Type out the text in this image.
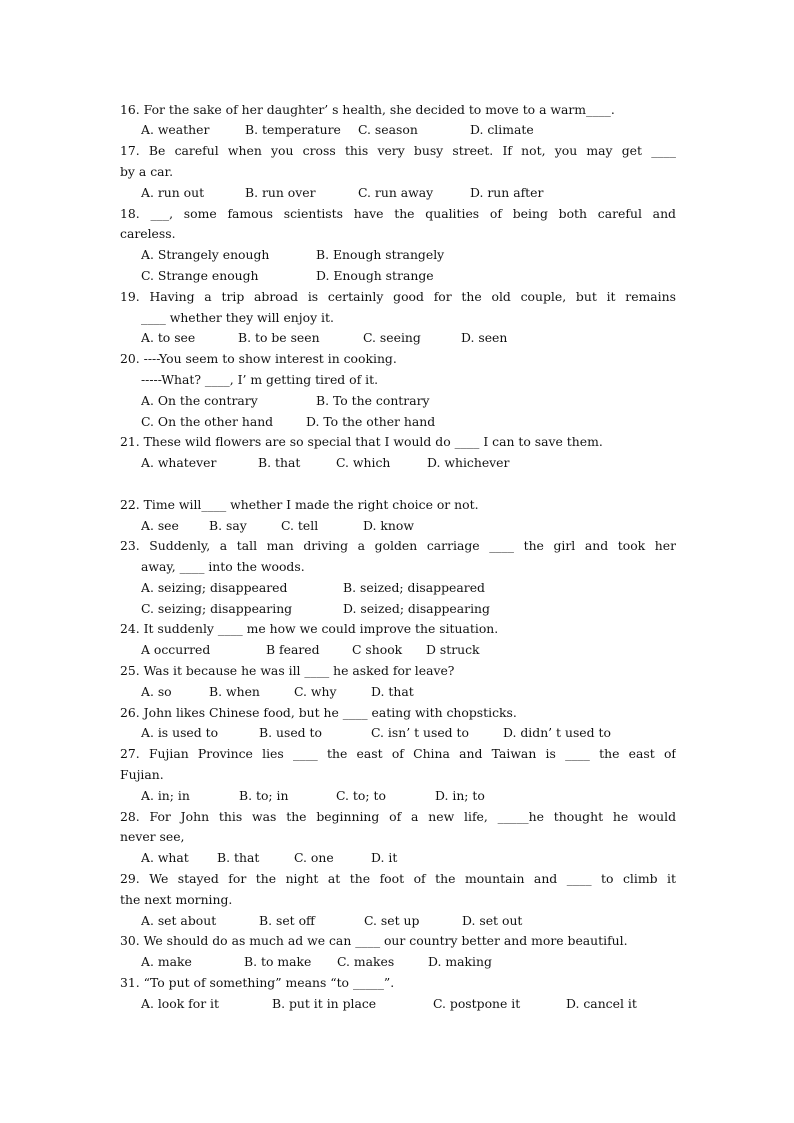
16. For the sake of her daughter’ s health, she decided to move to a warm____.
A. weather	B. temperature C. season	D. climate
17. Be careful when you cross this very busy street. If not, you may get ____
by a car.
A. run out	B. run over	C. run away	D. run after
18. ___, some famous scientists have the qualities of being both careful and
careless.
A. Strangely enough	B. Enough strangely
C. Strange enough	D. Enough strange
19. Having a trip abroad is certainly good for the old couple, but it remains
____ whether they will enjoy it.
A. to see	B. to be seen	C. seeing	D. seen
20. ----You seem to show interest in cooking.
-----What? ____, I’ m getting tired of it.
A. On the contrary	B. To the contrary
C. On the other hand	D. To the other hand
21. These wild flowers are so special that I would do ____ I can to save them.
A. whatever	B. that	C. which	D. whichever
22. Time will____ whether I made the right choice or not.
A. see B. say	C. tell	D. know
23. Suddenly, a tall man driving a golden carriage ____ the girl and took her
away, ____ into the woods.
A. seizing; disappeared	B. seized; disappeared
C. seizing; disappearing	D. seized; disappearing
24. It suddenly ____ me how we could improve the situation.
A occurred	B feared	C shook D struck
25. Was it because he was ill ____ he asked for leave?
A. so	B. when	C. why	D. that
26. John likes Chinese food, but he ____ eating with chopsticks.
A. is used to	B. used to	C. isn’ t used to	D. didn’ t used to
27. Fujian Province lies ____ the east of China and Taiwan is ____ the east of
Fujian.
A. in; in	B. to; in	C. to; to	D. in; to
28. For John this was the beginning of a new life, _____he thought he would
never see,
A. what B. that	C. one	D. it
29. We stayed for the night at the foot of the mountain and ____ to climb it
the next morning.
A. set about	B. set off	C. set up	D. set out
30. We should do as much ad we can ____ our country better and more beautiful.
A. make	B. to make C. makes	D. making
31. “To put of something” means “to _____”.
A. look for it	B. put it in place	C. postpone it	D. cancel it
